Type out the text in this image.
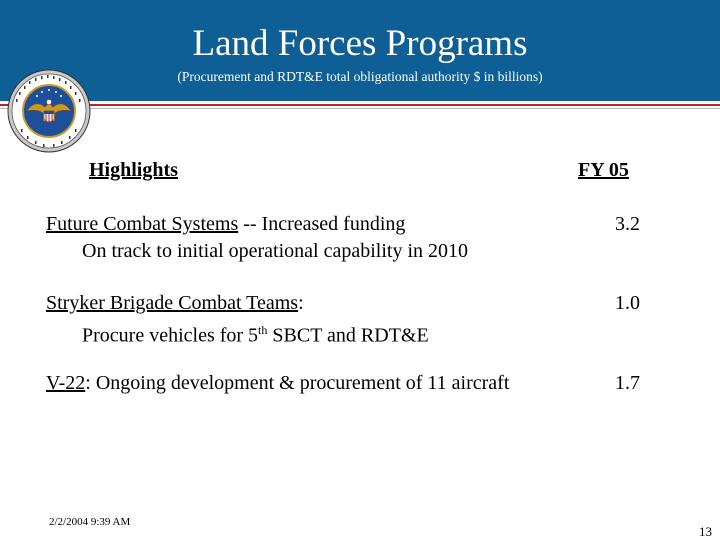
Land Forces Programs
(Procurement and RDT&E total obligational authority $ in billions)
Highlights	FY 05
Future Combat Systems -- Increased funding	3.2
On track to initial operational capability in 2010
Stryker Brigade Combat Teams:	1.0
Procure vehicles for 5th SBCT and RDT&E
V-22: Ongoing development & procurement of 11 aircraft	1.7
2/2/2004 9:39 AM
13
